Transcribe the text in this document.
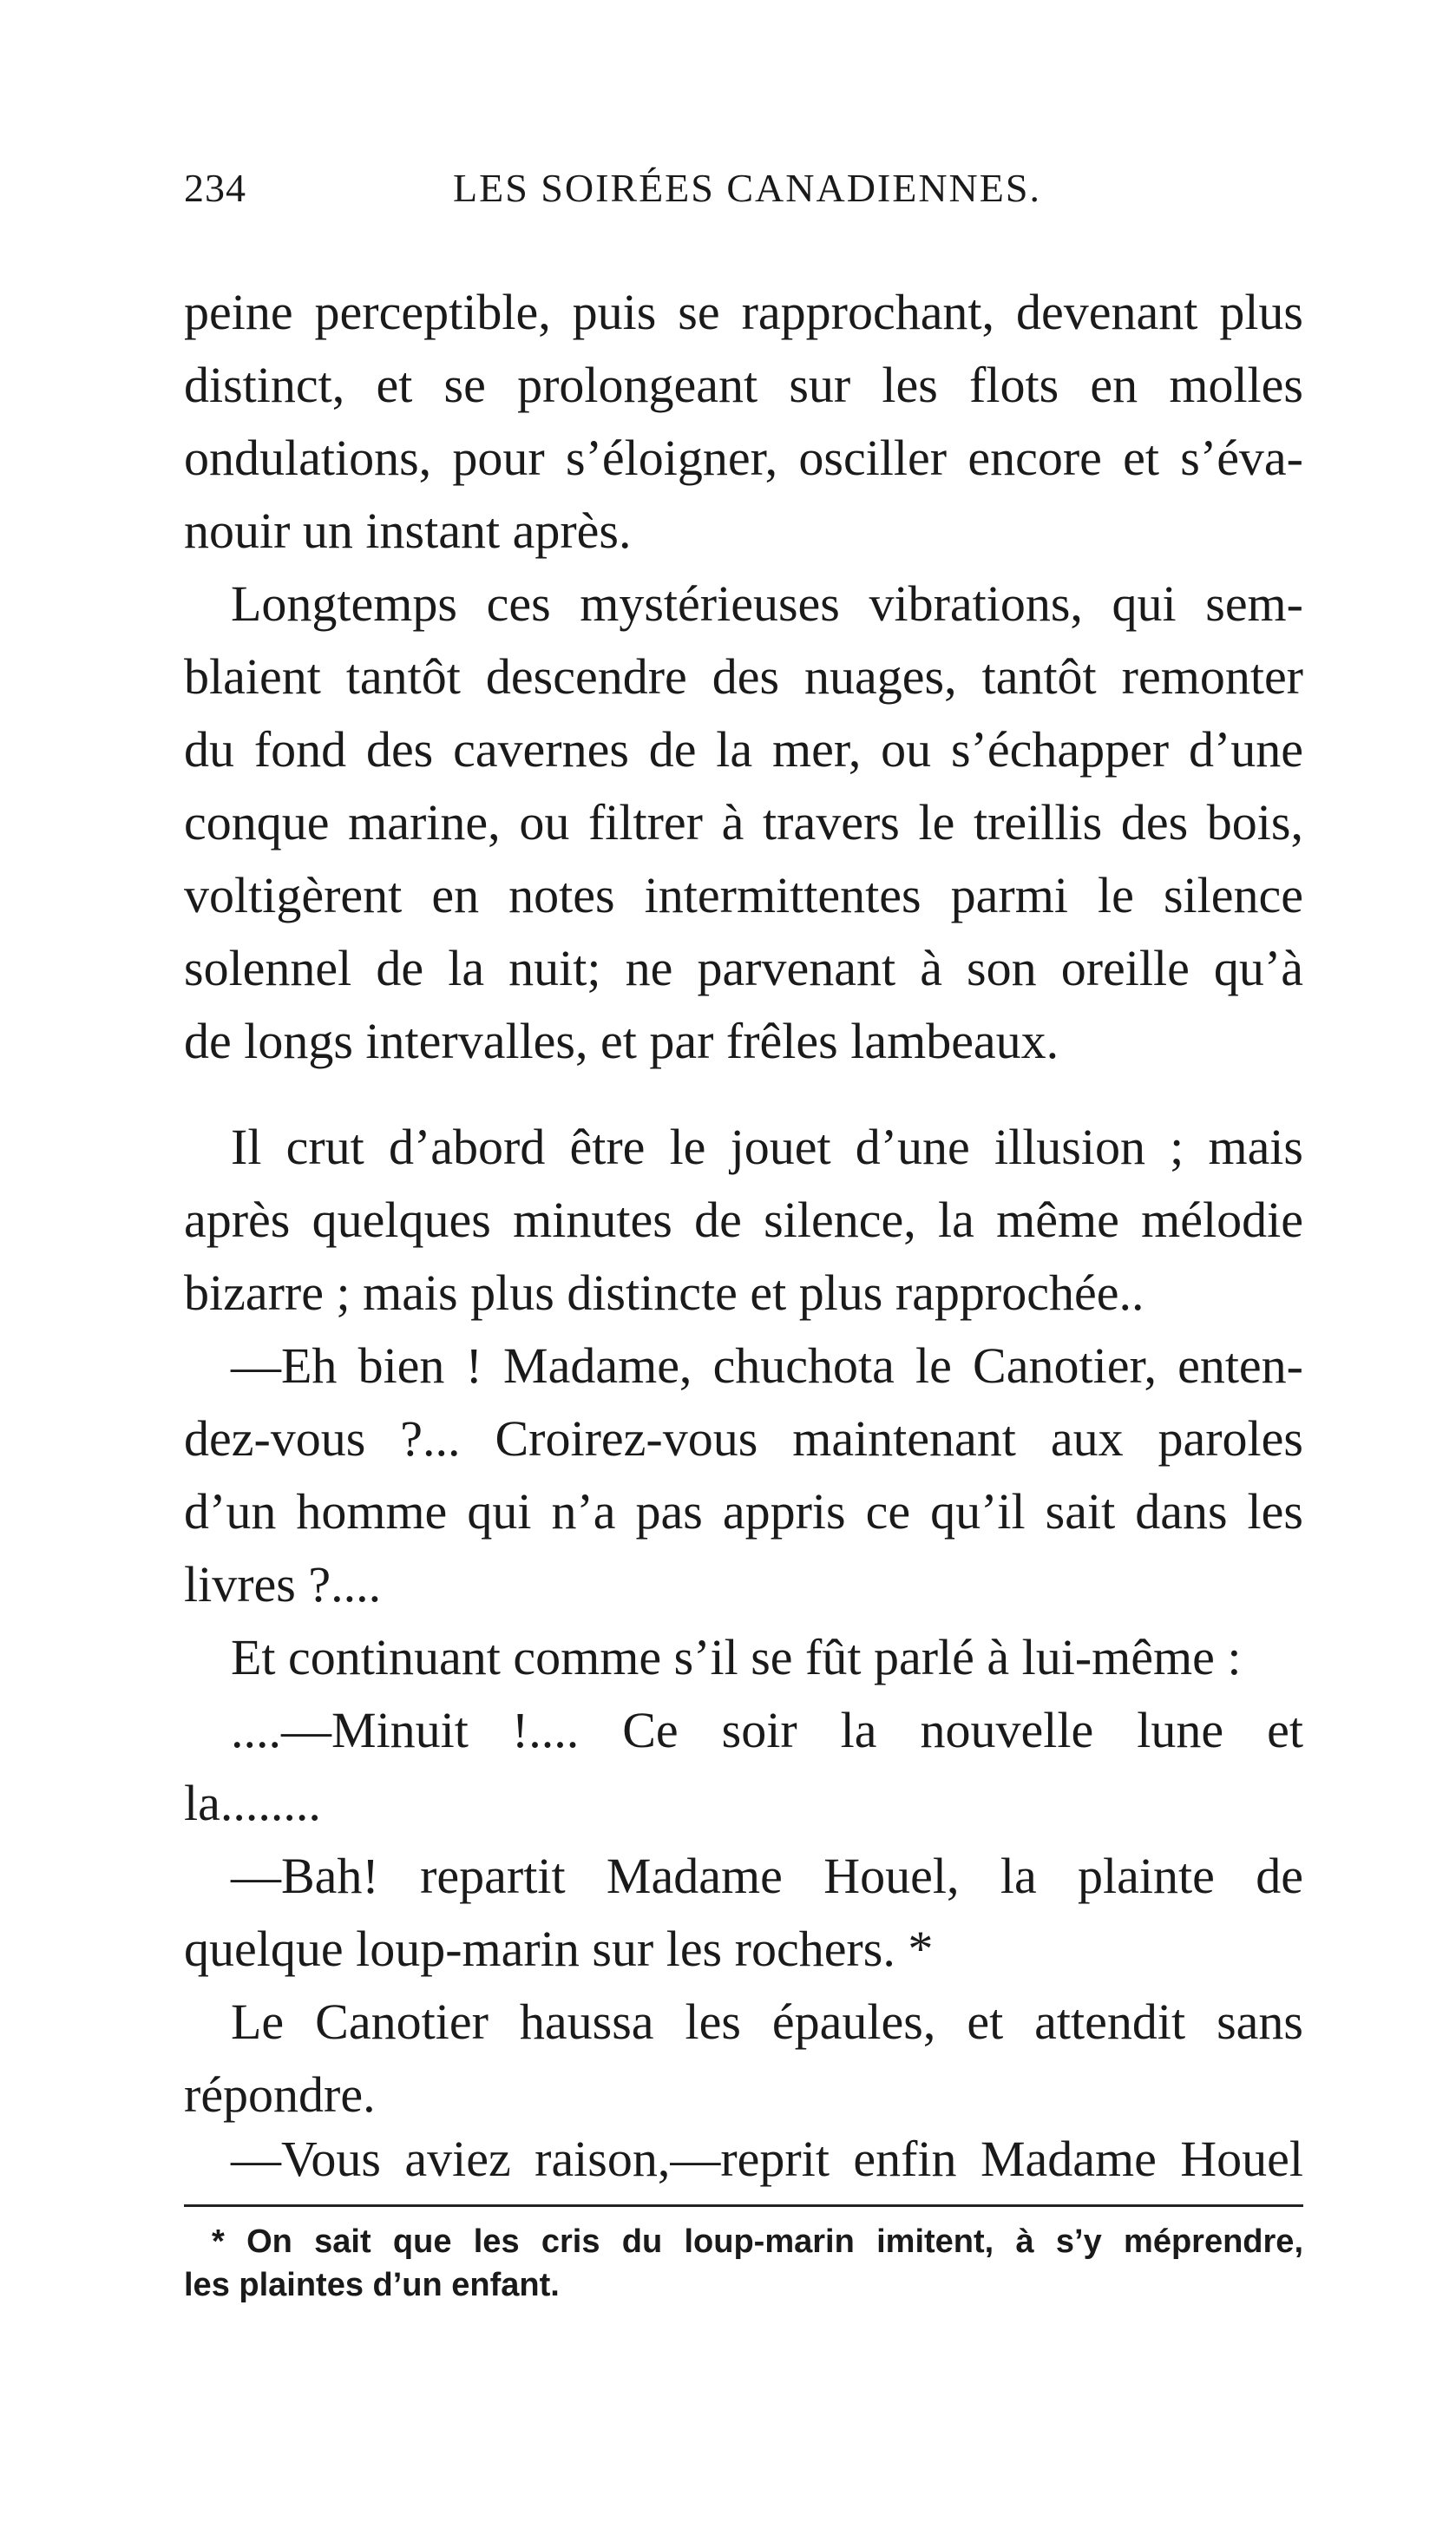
234	LES SOIRÉES CANADIENNES.
peine perceptible, puis se rapprochant, devenant plus
distinct, et se prolongeant sur les flots en molles
ondulations, pour s’éloigner, osciller encore et s’éva-
nouir un instant après.
Longtemps ces mystérieuses vibrations, qui sem-
blaient tantôt descendre des nuages, tantôt remonter
du fond des cavernes de la mer, ou s’échapper d’une
conque marine, ou filtrer à travers le treillis des bois,
voltigèrent en notes intermittentes parmi le silence
solennel de la nuit; ne parvenant à son oreille qu’à
de longs intervalles, et par frêles lambeaux.
Il crut d’abord être le jouet d’une illusion ; mais
après quelques minutes de silence, la même mélodie
bizarre ; mais plus distincte et plus rapprochée..
—Eh bien ! Madame, chuchota le Canotier, enten-
dez-vous ?... Croirez-vous maintenant aux paroles
d’un homme qui n’a pas appris ce qu’il sait dans les
livres ?....
Et continuant comme s’il se fût parlé à lui-même :
....—Minuit !.... Ce soir la nouvelle lune et
la........
—Bah! repartit Madame Houel, la plainte de
quelque loup-marin sur les rochers. *
Le Canotier haussa les épaules, et attendit sans
répondre.
—Vous aviez raison,—reprit enfin Madame Houel
* On sait que les cris du loup-marin imitent, à s’y méprendre,
les plaintes d’un enfant.
